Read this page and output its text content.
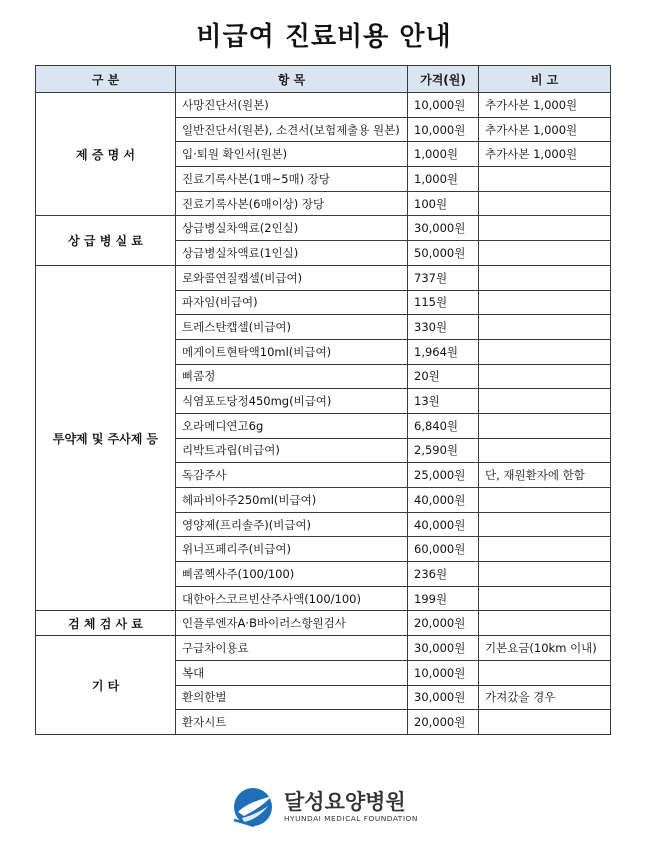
비급여 진료비용 안내
구 분	항 목	가격(원)	비 고
제 증 명 서	사망진단서(원본)	10,000원	추가사본 1,000원
	일반진단서(원본), 소견서(보험제출용 원본)	10,000원	추가사본 1,000원
	입·퇴원 확인서(원본)	1,000원	추가사본 1,000원
	진료기록사본(1매~5매) 장당	1,000원	
	진료기록사본(6매이상) 장당	100원	
상 급 병 실 료	상급병실차액료(2인실)	30,000원	
	상급병실차액료(1인실)	50,000원	
투약제 및 주사제 등	로와콜연질캡셀(비급여)	737원	
	파자임(비급여)	115원	
	트레스탄캡셀(비급여)	330원	
	메게이트현탁액10ml(비급여)	1,964원	
	삐콤정	20원	
	식염포도당정450mg(비급여)	13원	
	오라메디연고6g	6,840원	
	리박트과립(비급여)	2,590원	
	독감주사	25,000원	단, 재원환자에 한함
	헤파비아주250ml(비급여)	40,000원	
	영양제(프리솔주)(비급여)	40,000원	
	위너프페리주(비급여)	60,000원	
	삐콤헥사주(100/100)	236원	
	대한아스코르빈산주사액(100/100)	199원	
검 체 검 사 료	인플루엔자A·B바이러스항원검사	20,000원	
기 타	구급차이용료	30,000원	기본요금(10km 이내)
	복대	10,000원	
	환의한벌	30,000원	가져갔을 경우
	환자시트	20,000원	
달성요양병원
HYUNDAI MEDICAL FOUNDATION
